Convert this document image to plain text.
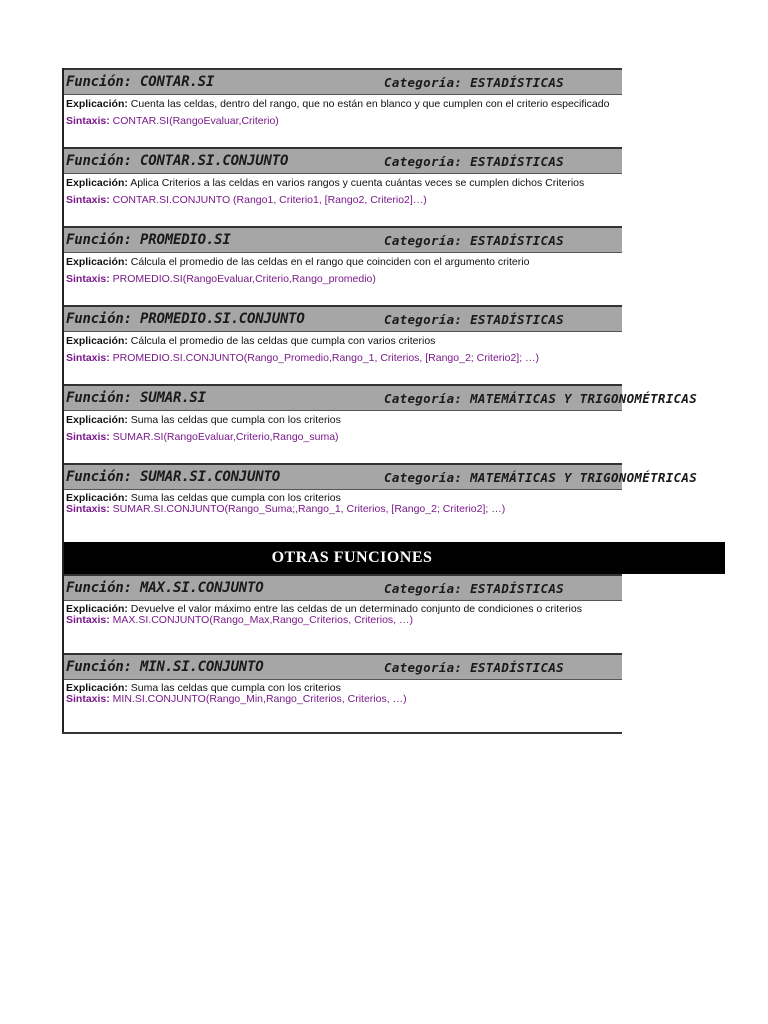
Función: CONTAR.SI	Categoría: ESTADÍSTICAS
Explicación: Cuenta las celdas, dentro del rango, que no están en blanco y que cumplen con el criterio especificado
Sintaxis: CONTAR.SI(RangoEvaluar,Criterio)
Función: CONTAR.SI.CONJUNTO	Categoría: ESTADÍSTICAS
Explicación: Aplica Criterios a las celdas en varios rangos y cuenta cuántas veces se cumplen dichos Criterios
Sintaxis: CONTAR.SI.CONJUNTO (Rango1, Criterio1, [Rango2, Criterio2]…)
Función: PROMEDIO.SI	Categoría: ESTADÍSTICAS
Explicación: Cálcula el promedio de las celdas en el rango que coinciden con el argumento criterio
Sintaxis: PROMEDIO.SI(RangoEvaluar,Criterio,Rango_promedio)
Función: PROMEDIO.SI.CONJUNTO	Categoría: ESTADÍSTICAS
Explicación: Cálcula el promedio de las celdas que cumpla con varios criterios
Sintaxis: PROMEDIO.SI.CONJUNTO(Rango_Promedio,Rango_1, Criterios, [Rango_2; Criterio2]; …)
Función: SUMAR.SI	Categoría: MATEMÁTICAS Y TRIGONOMÉTRICAS
Explicación: Suma las celdas que cumpla con los criterios
Sintaxis: SUMAR.SI(RangoEvaluar,Criterio,Rango_suma)
Función: SUMAR.SI.CONJUNTO	Categoría: MATEMÁTICAS Y TRIGONOMÉTRICAS
Explicación: Suma las celdas que cumpla con los criterios
Sintaxis: SUMAR.SI.CONJUNTO(Rango_Suma;,Rango_1, Criterios, [Rango_2; Criterio2]; …)
OTRAS FUNCIONES
Función: MAX.SI.CONJUNTO	Categoría: ESTADÍSTICAS
Explicación: Devuelve el valor máximo entre las celdas de un determinado conjunto de condiciones o criterios
Sintaxis: MAX.SI.CONJUNTO(Rango_Max,Rango_Criterios, Criterios, …)
Función: MIN.SI.CONJUNTO	Categoría: ESTADÍSTICAS
Explicación: Suma las celdas que cumpla con los criterios
Sintaxis: MIN.SI.CONJUNTO(Rango_Min,Rango_Criterios, Criterios, …)
